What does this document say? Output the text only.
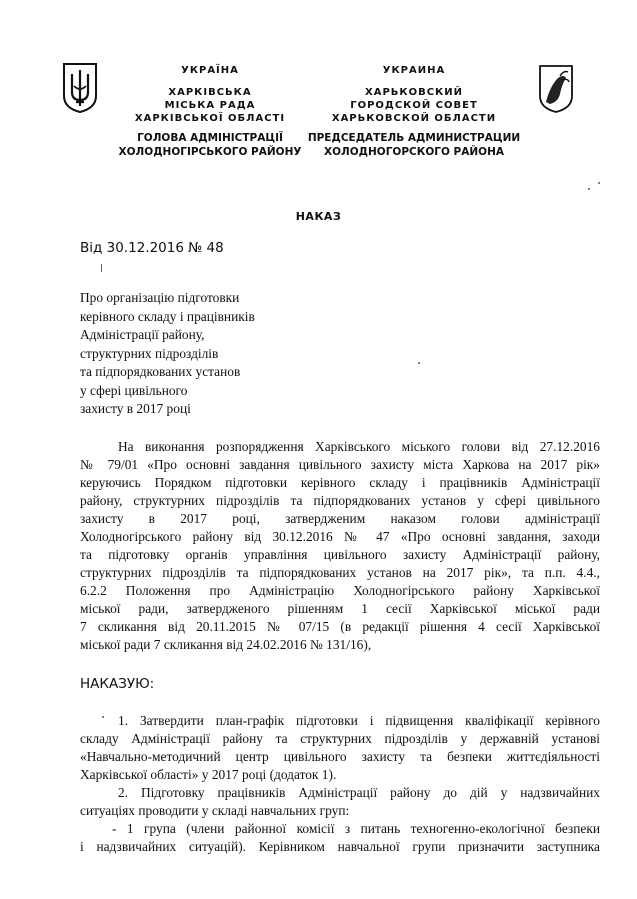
УКРАЇНА
ХАРКІВСЬКА
МІСЬКА РАДА
ХАРКІВСЬКОЇ ОБЛАСТІ
ГОЛОВА АДМІНІСТРАЦІЇ
ХОЛОДНОГІРСЬКОГО РАЙОНУ
УКРАИНА
ХАРЬКОВСКИЙ
ГОРОДСКОЙ СОВЕТ
ХАРЬКОВСКОЙ ОБЛАСТИ
ПРЕДСЕДАТЕЛЬ АДМИНИСТРАЦИИ
ХОЛОДНОГОРСКОГО РАЙОНА
НАКАЗ
Від 30.12.2016 № 48
Про організацію підготовки
керівного складу і працівників
Адміністрації району,
структурних підрозділів
та підпорядкованих установ
у сфері цивільного
захисту в 2017 році
На виконання розпорядження Харківського міського голови від 27.12.2016
№ 79/01 «Про основні завдання цивільного захисту міста Харкова на 2017 рік»
керуючись Порядком підготовки керівного складу і працівників Адміністрації
району, структурних підрозділів та підпорядкованих установ у сфері цивільного
захисту в 2017 році, затвердженим наказом голови адміністрації
Холодногірського району від 30.12.2016 № 47 «Про основні завдання, заходи
та підготовку органів управління цивільного захисту Адміністрації району,
структурних підрозділів та підпорядкованих установ на 2017 рік», та п.п. 4.4.,
6.2.2 Положення про Адміністрацію Холодногірського району Харківської
міської ради, затвердженого рішенням 1 сесії Харківської міської ради
7 скликання від 20.11.2015 № 07/15 (в редакції рішення 4 сесії Харківської
міської ради 7 скликання від 24.02.2016 № 131/16),
НАКАЗУЮ:
1. Затвердити план-графік підготовки і підвищення кваліфікації керівного
складу Адміністрації району та структурних підрозділів у державній установі
«Навчально-методичний центр цивільного захисту та безпеки життєдіяльності
Харківської області» у 2017 році (додаток 1).
2. Підготовку працівників Адміністрації району до дій у надзвичайних
ситуаціях проводити у складі навчальних груп:
- 1 група (члени районної комісії з питань техногенно-екологічної безпеки
і надзвичайних ситуацій). Керівником навчальної групи призначити заступника
